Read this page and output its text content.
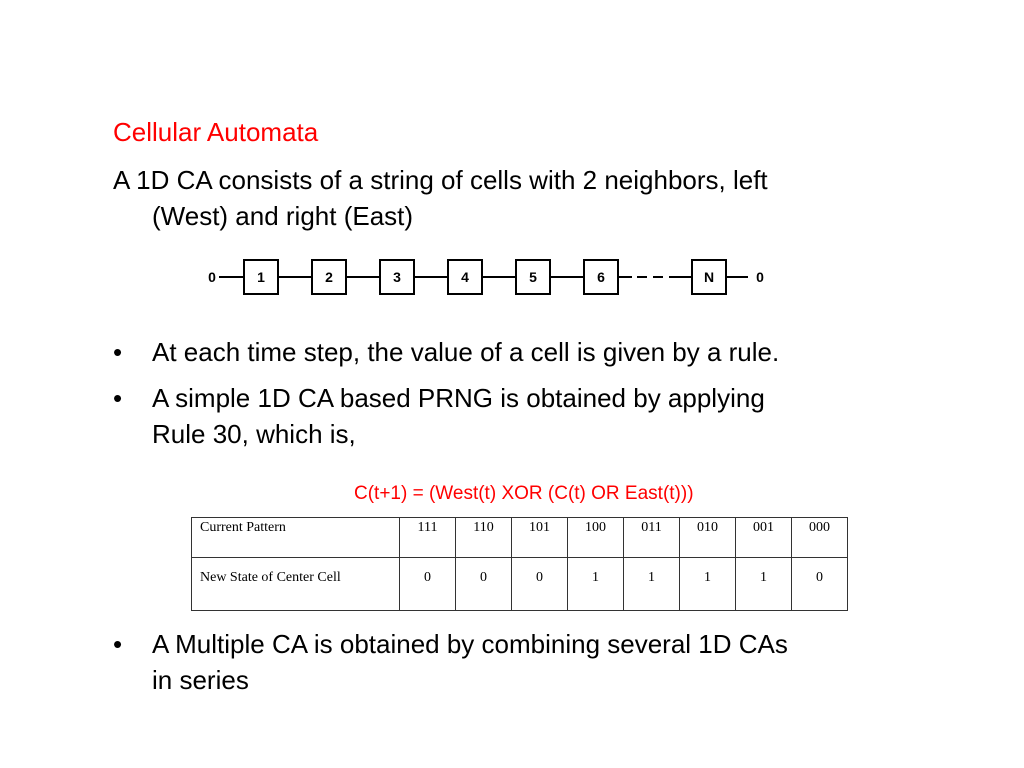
Cellular Automata
A 1D CA consists of a string of cells with 2 neighbors, left
(West) and right (East)
0	1	2	3	4	5	6	N	0
• At each time step, the value of a cell is given by a rule.
• A simple 1D CA based PRNG is obtained by applying
Rule 30, which is,
C(t+1) = (West(t) XOR (C(t) OR East(t)))
Current Pattern	111	110	101	100	011	010	001	000
New State of Center Cell	0	0	0	1	1	1	1	0
• A Multiple CA is obtained by combining several 1D CAs
in series
